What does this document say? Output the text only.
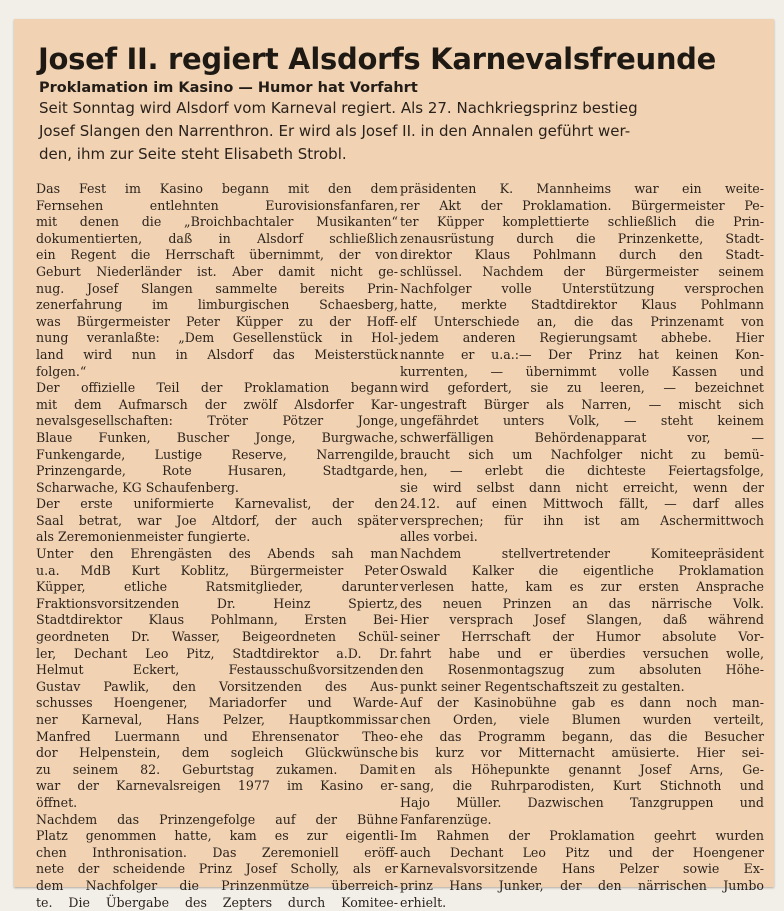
Josef II. regiert Alsdorfs Karnevalsfreunde
Proklamation im Kasino — Humor hat Vorfahrt
Seit Sonntag wird Alsdorf vom Karneval regiert. Als 27. Nachkriegsprinz bestieg
Josef Slangen den Narrenthron. Er wird als Josef II. in den Annalen geführt wer-
den, ihm zur Seite steht Elisabeth Strobl.
Das Fest im Kasino begann mit den dem
Fernsehen entlehnten Eurovisionsfanfaren,
mit denen die „Broichbachtaler Musikanten“
dokumentierten, daß in Alsdorf schließlich
ein Regent die Herrschaft übernimmt, der von
Geburt Niederländer ist. Aber damit nicht ge-
nug. Josef Slangen sammelte bereits Prin-
zenerfahrung im limburgischen Schaesberg,
was Bürgermeister Peter Küpper zu der Hoff-
nung veranlaßte: „Dem Gesellenstück in Hol-
land wird nun in Alsdorf das Meisterstück
folgen.“
Der offizielle Teil der Proklamation begann
mit dem Aufmarsch der zwölf Alsdorfer Kar-
nevalsgesellschaften: Tröter Pötzer Jonge,
Blaue Funken, Buscher Jonge, Burgwache,
Funkengarde, Lustige Reserve, Narrengilde,
Prinzengarde, Rote Husaren, Stadtgarde,
Scharwache, KG Schaufenberg.
Der erste uniformierte Karnevalist, der den
Saal betrat, war Joe Altdorf, der auch später
als Zeremonienmeister fungierte.
Unter den Ehrengästen des Abends sah man
u.a. MdB Kurt Koblitz, Bürgermeister Peter
Küpper, etliche Ratsmitglieder, darunter
Fraktionsvorsitzenden Dr. Heinz Spiertz,
Stadtdirektor Klaus Pohlmann, Ersten Bei-
geordneten Dr. Wasser, Beigeordneten Schül-
ler, Dechant Leo Pitz, Stadtdirektor a.D. Dr.
Helmut Eckert, Festausschußvorsitzenden
Gustav Pawlik, den Vorsitzenden des Aus-
schusses Hoengener, Mariadorfer und Warde-
ner Karneval, Hans Pelzer, Hauptkommissar
Manfred Luermann und Ehrensenator Theo-
dor Helpenstein, dem sogleich Glückwünsche
zu seinem 82. Geburtstag zukamen. Damit
war der Karnevalsreigen 1977 im Kasino er-
öffnet.
Nachdem das Prinzengefolge auf der Bühne
Platz genommen hatte, kam es zur eigentli-
chen Inthronisation. Das Zeremoniell eröff-
nete der scheidende Prinz Josef Scholly, als er
dem Nachfolger die Prinzenmütze überreich-
te. Die Übergabe des Zepters durch Komitee-
präsidenten K. Mannheims war ein weite-
rer Akt der Proklamation. Bürgermeister Pe-
ter Küpper komplettierte schließlich die Prin-
zenausrüstung durch die Prinzenkette, Stadt-
direktor Klaus Pohlmann durch den Stadt-
schlüssel. Nachdem der Bürgermeister seinem
Nachfolger volle Unterstützung versprochen
hatte, merkte Stadtdirektor Klaus Pohlmann
elf Unterschiede an, die das Prinzenamt von
jedem anderen Regierungsamt abhebe. Hier
nannte er u.a.:— Der Prinz hat keinen Kon-
kurrenten, — übernimmt volle Kassen und
wird gefordert, sie zu leeren, — bezeichnet
ungestraft Bürger als Narren, — mischt sich
ungefährdet unters Volk, — steht keinem
schwerfälligen Behördenapparat vor, —
braucht sich um Nachfolger nicht zu bemü-
hen, — erlebt die dichteste Feiertagsfolge,
sie wird selbst dann nicht erreicht, wenn der
24.12. auf einen Mittwoch fällt, — darf alles
versprechen; für ihn ist am Aschermittwoch
alles vorbei.
Nachdem stellvertretender Komiteepräsident
Oswald Kalker die eigentliche Proklamation
verlesen hatte, kam es zur ersten Ansprache
des neuen Prinzen an das närrische Volk.
Hier versprach Josef Slangen, daß während
seiner Herrschaft der Humor absolute Vor-
fahrt habe und er überdies versuchen wolle,
den Rosenmontagszug zum absoluten Höhe-
punkt seiner Regentschaftszeit zu gestalten.
Auf der Kasinobühne gab es dann noch man-
chen Orden, viele Blumen wurden verteilt,
ehe das Programm begann, das die Besucher
bis kurz vor Mitternacht amüsierte. Hier sei-
en als Höhepunkte genannt Josef Arns, Ge-
sang, die Ruhrparodisten, Kurt Stichnoth und
Hajo Müller. Dazwischen Tanzgruppen und
Fanfarenzüge.
Im Rahmen der Proklamation geehrt wurden
auch Dechant Leo Pitz und der Hoengener
Karnevalsvorsitzende Hans Pelzer sowie Ex-
prinz Hans Junker, der den närrischen Jumbo
erhielt.
